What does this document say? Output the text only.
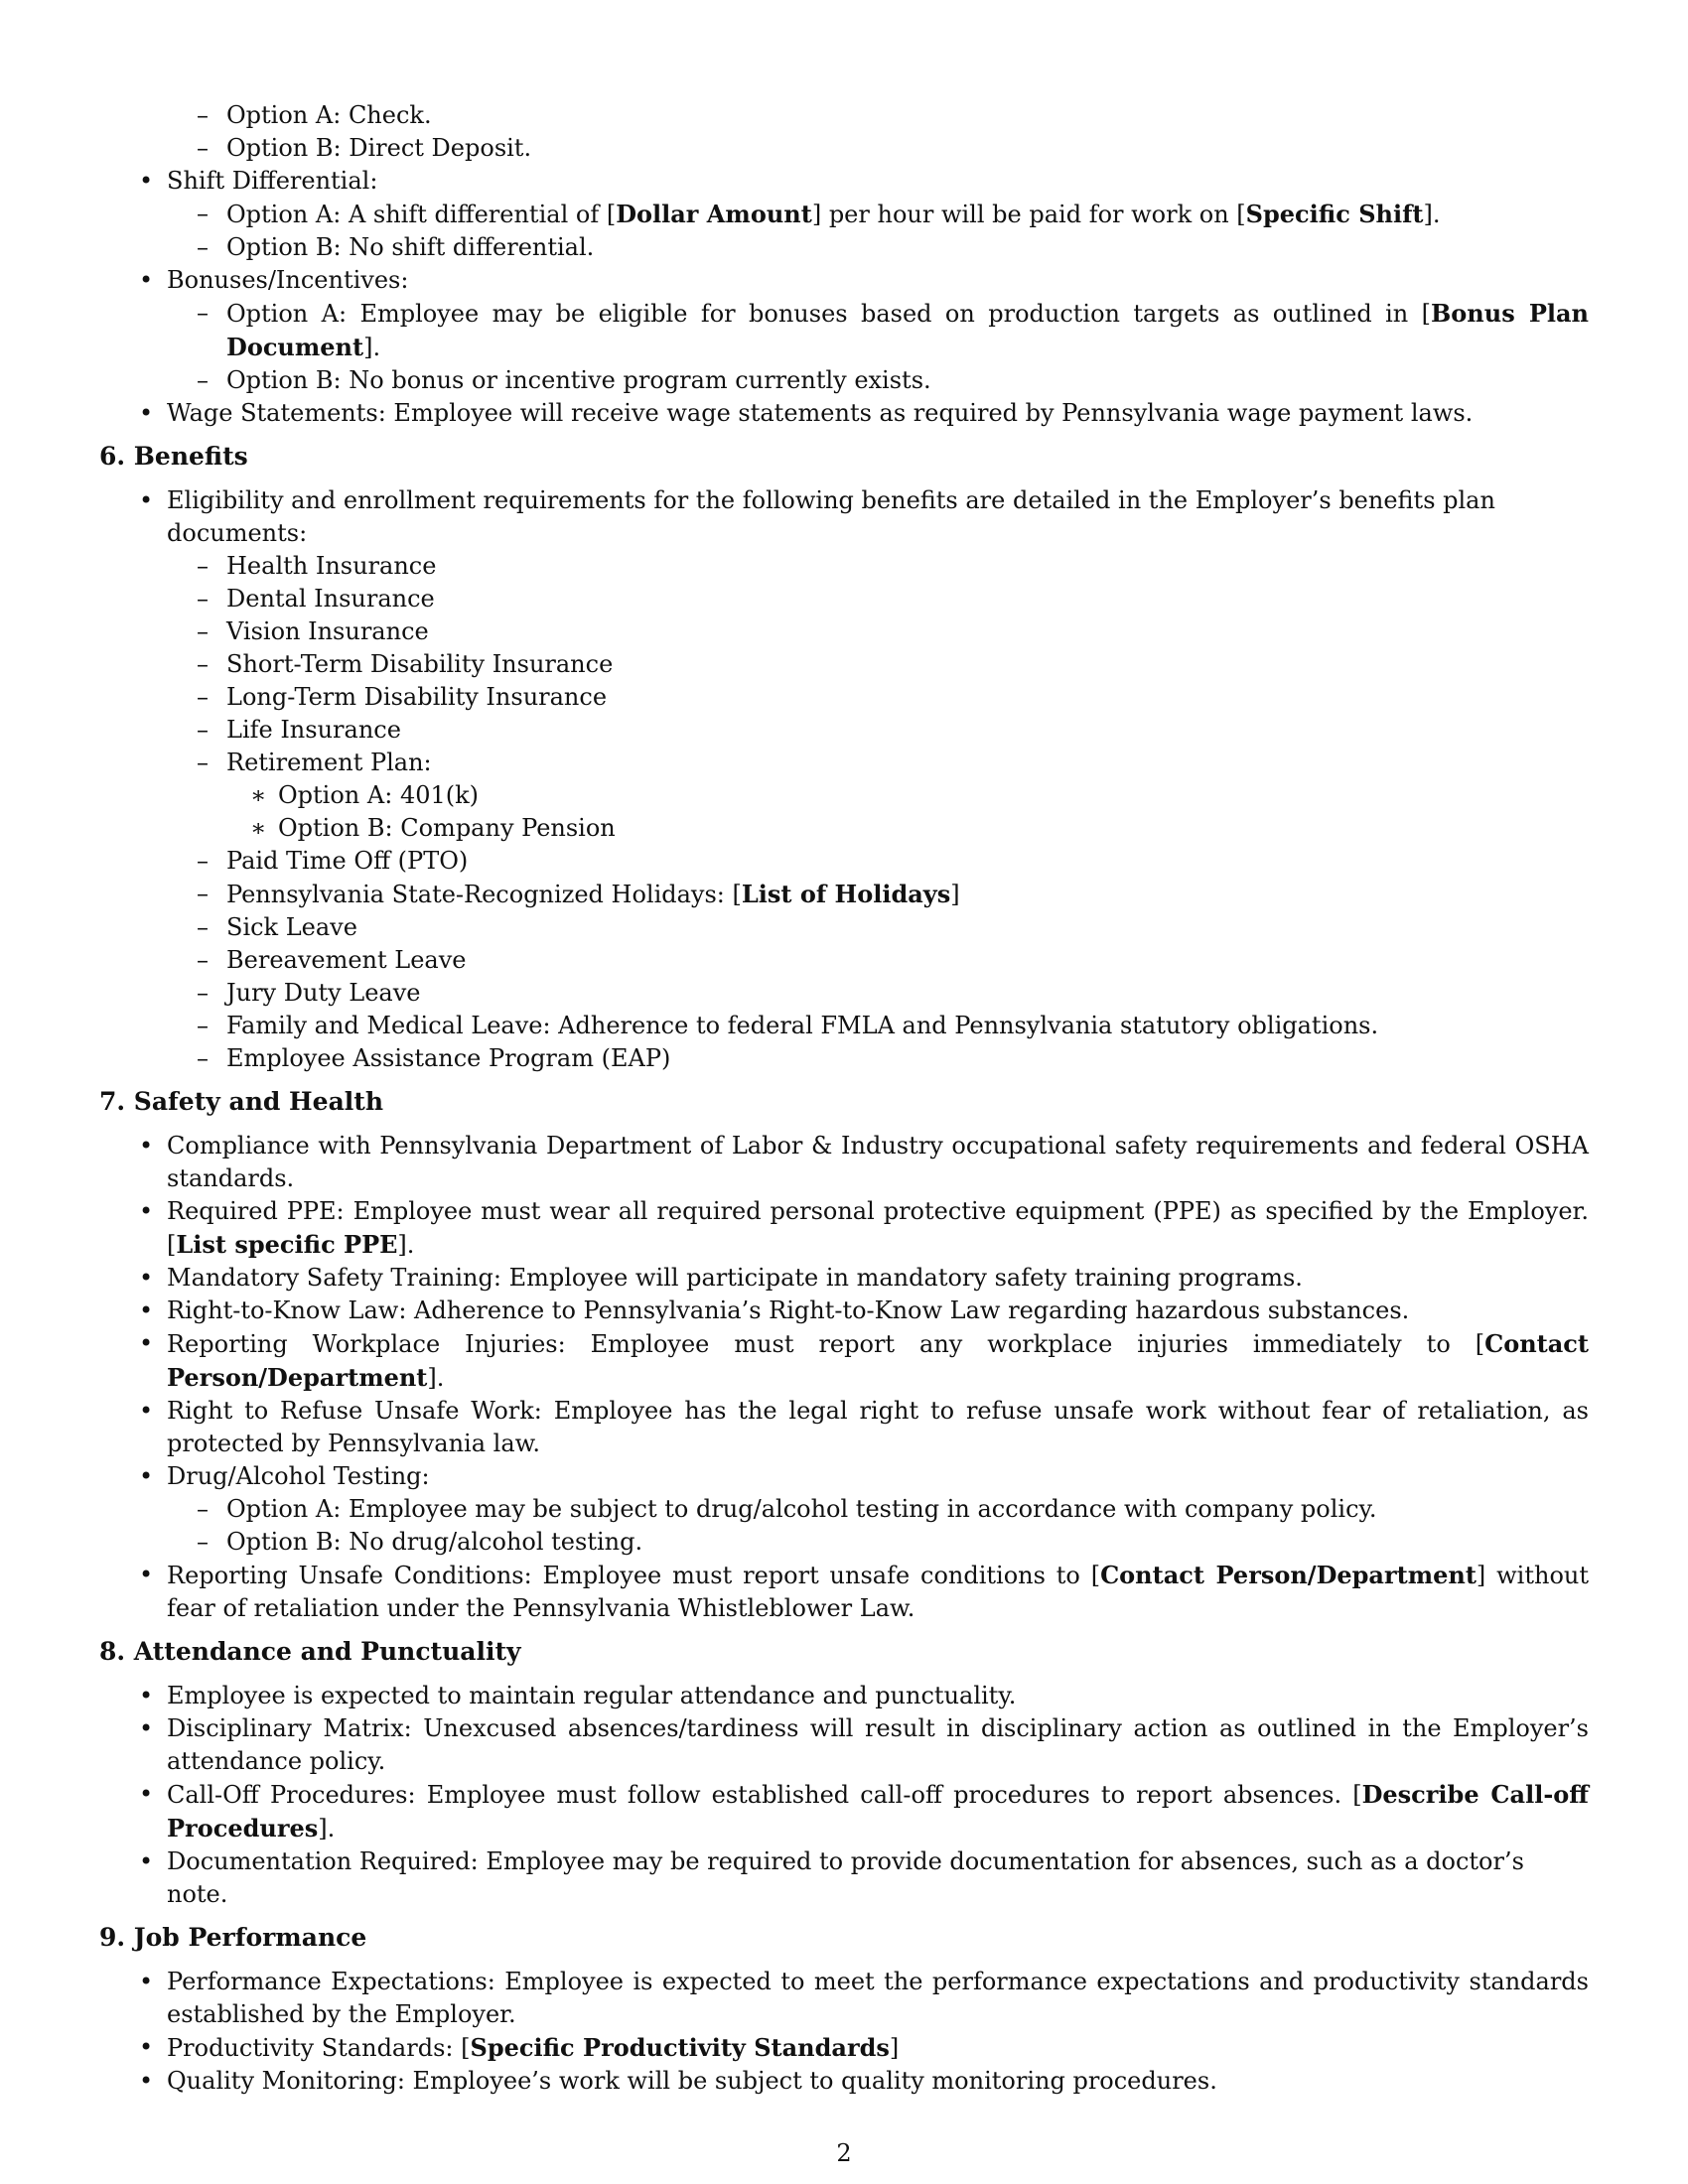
– Option A: Check.
– Option B: Direct Deposit.
• Shift Differential:
– Option A: A shift differential of [Dollar Amount] per hour will be paid for work on [Specific Shift].
– Option B: No shift differential.
• Bonuses/Incentives:
– Option A: Employee may be eligible for bonuses based on production targets as outlined in [Bonus Plan Document].
– Option B: No bonus or incentive program currently exists.
• Wage Statements: Employee will receive wage statements as required by Pennsylvania wage payment laws.
6. Benefits
• Eligibility and enrollment requirements for the following benefits are detailed in the Employer’s benefits plan documents:
– Health Insurance
– Dental Insurance
– Vision Insurance
– Short-Term Disability Insurance
– Long-Term Disability Insurance
– Life Insurance
– Retirement Plan:
∗ Option A: 401(k)
∗ Option B: Company Pension
– Paid Time Off (PTO)
– Pennsylvania State-Recognized Holidays: [List of Holidays]
– Sick Leave
– Bereavement Leave
– Jury Duty Leave
– Family and Medical Leave: Adherence to federal FMLA and Pennsylvania statutory obligations.
– Employee Assistance Program (EAP)
7. Safety and Health
• Compliance with Pennsylvania Department of Labor & Industry occupational safety requirements and federal OSHA standards.
• Required PPE: Employee must wear all required personal protective equipment (PPE) as specified by the Employer. [List specific PPE].
• Mandatory Safety Training: Employee will participate in mandatory safety training programs.
• Right-to-Know Law: Adherence to Pennsylvania’s Right-to-Know Law regarding hazardous substances.
• Reporting Workplace Injuries: Employee must report any workplace injuries immediately to [Contact Person/Department].
• Right to Refuse Unsafe Work: Employee has the legal right to refuse unsafe work without fear of retaliation, as protected by Pennsylvania law.
• Drug/Alcohol Testing:
– Option A: Employee may be subject to drug/alcohol testing in accordance with company policy.
– Option B: No drug/alcohol testing.
• Reporting Unsafe Conditions: Employee must report unsafe conditions to [Contact Person/Department] without fear of retaliation under the Pennsylvania Whistleblower Law.
8. Attendance and Punctuality
• Employee is expected to maintain regular attendance and punctuality.
• Disciplinary Matrix: Unexcused absences/tardiness will result in disciplinary action as outlined in the Employer’s attendance policy.
• Call-Off Procedures: Employee must follow established call-off procedures to report absences. [Describe Call-off Procedures].
• Documentation Required: Employee may be required to provide documentation for absences, such as a doctor’s note.
9. Job Performance
• Performance Expectations: Employee is expected to meet the performance expectations and productivity standards established by the Employer.
• Productivity Standards: [Specific Productivity Standards]
• Quality Monitoring: Employee’s work will be subject to quality monitoring procedures.
2
